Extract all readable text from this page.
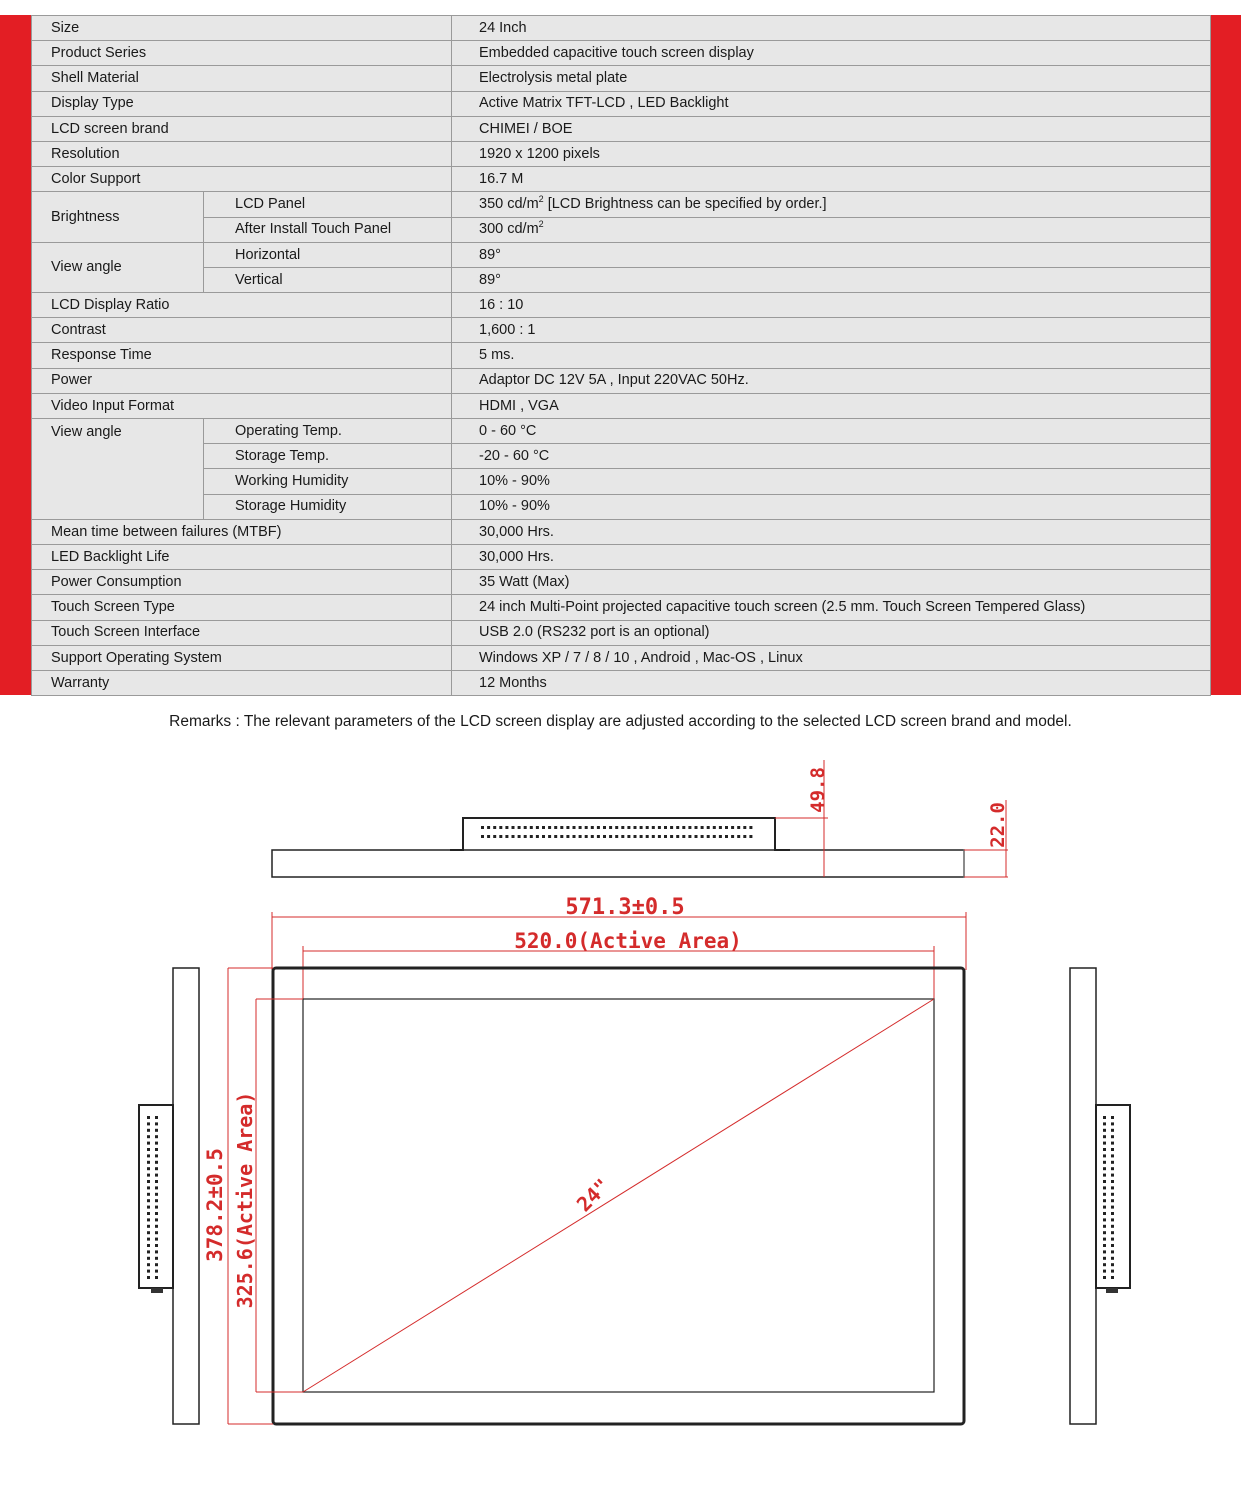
Size		24 Inch
Product Series		Embedded capacitive touch screen display
Shell Material		Electrolysis metal plate
Display Type		Active Matrix TFT-LCD , LED Backlight
LCD screen brand		CHIMEI / BOE
Resolution		1920 x 1200 pixels
Color Support		16.7 M
Brightness	LCD Panel	350 $cd/m^2$ [LCD Brightness can be specified by order.]
	After Install Touch Panel	300 $cd/m^2$
View angle	Horizontal	89°
	Vertical	89°
LCD Display Ratio		16 : 10
Contrast		1,600 : 1
Response Time		5 ms.
Power		Adaptor DC 12V 5A , Input 220VAC 50Hz.
Video Input Format		HDMI , VGA
View angle	Operating Temp.	0 - 60 °C
	Storage Temp.	-20 - 60 °C
	Working Humidity	10% - 90%
	Storage Humidity	10% - 90%
Mean time between failures (MTBF)		30,000 Hrs.
LED Backlight Life		30,000 Hrs.
Power Consumption		35 Watt (Max)
Touch Screen Type		24 inch Multi-Point projected capacitive touch screen (2.5 mm. Touch Screen Tempered Glass)
Touch Screen Interface		USB 2.0 (RS232 port is an optional)
Support Operating System		Windows XP / 7 / 8 / 10 , Android , Mac-OS , Linux
Warranty		12 Months
Remarks : The relevant parameters of the LCD screen display are adjusted according to the selected LCD screen brand and model.
49.8
22.0
571.3±0.5
520.0(Active Area)
24"
378.2±0.5 325.6(Active Area)
